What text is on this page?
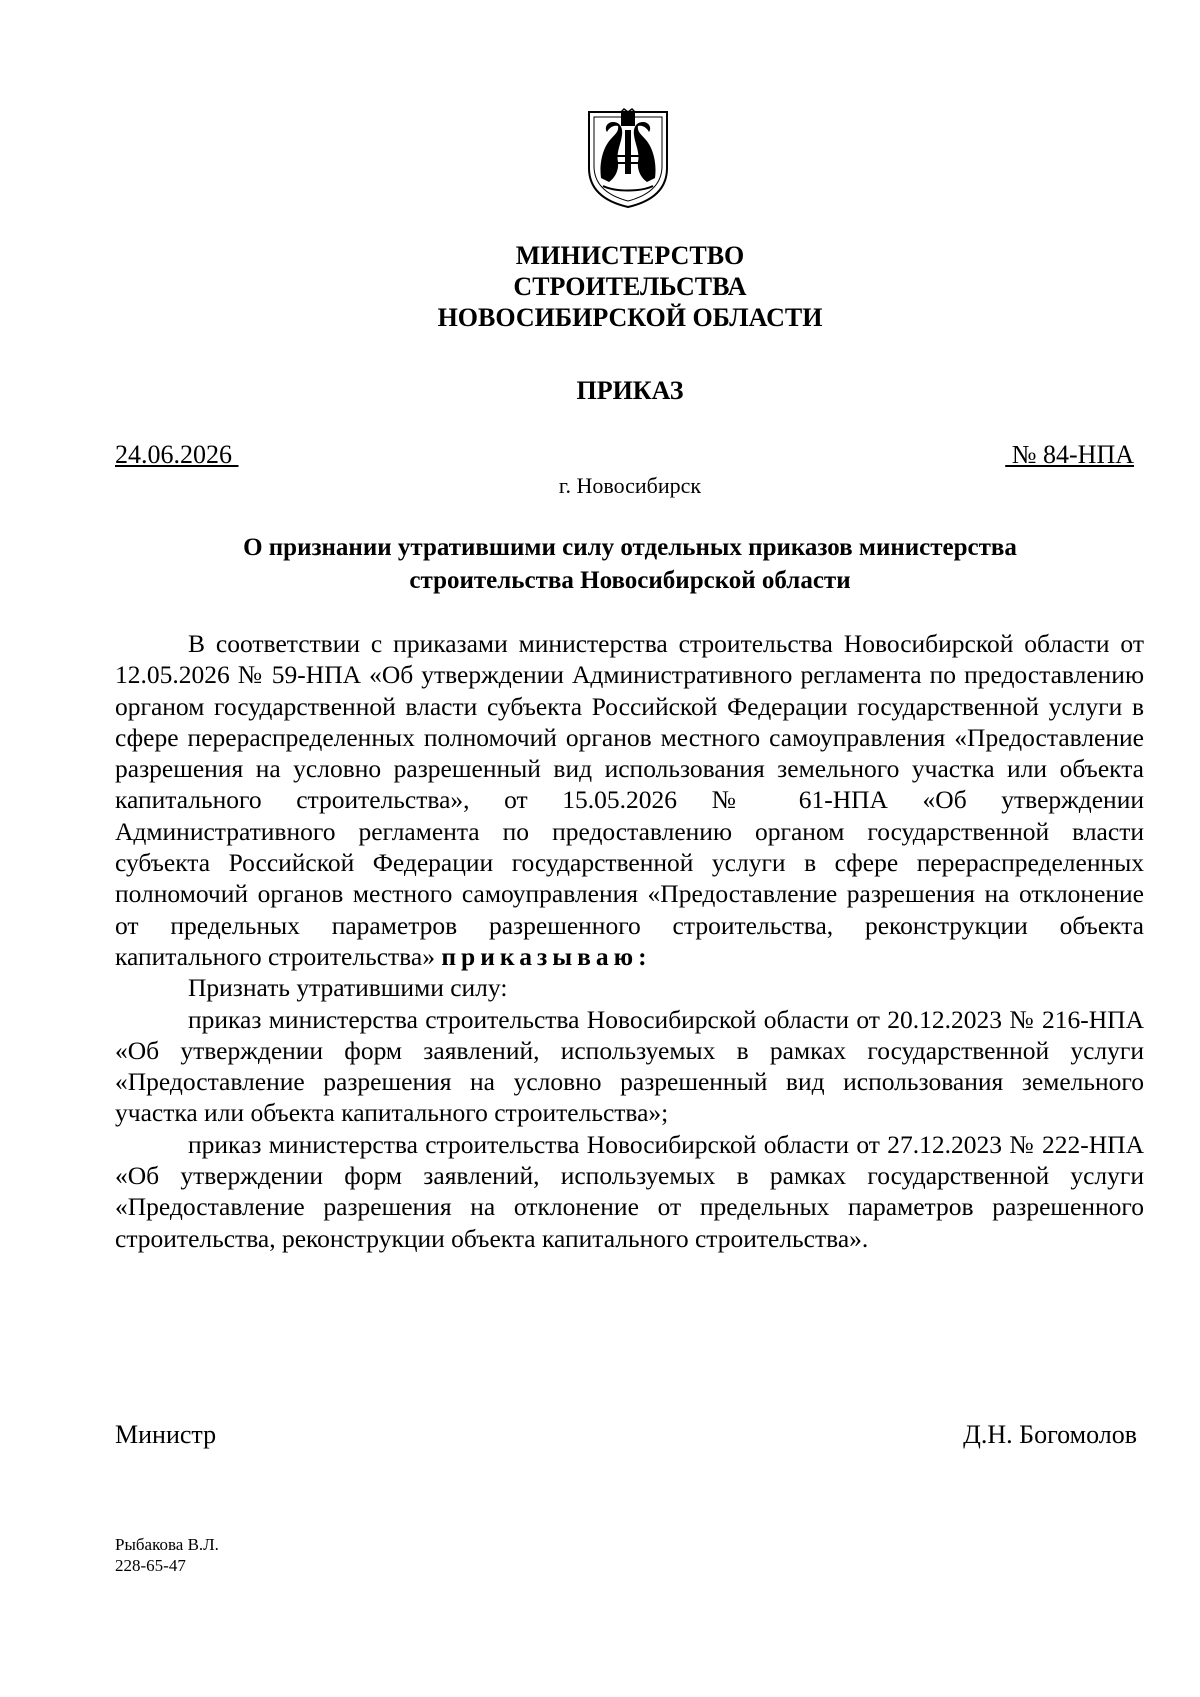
МИНИСТЕРСТВО
СТРОИТЕЛЬСТВА
НОВОСИБИРСКОЙ ОБЛАСТИ
ПРИКАЗ
24.06.2026	№ 84-НПА
г. Новосибирск
О признании утратившими силу отдельных приказов министерства
строительства Новосибирской области

В соответствии с приказами министерства строительства Новосибирской области от 12.05.2026 № 59-НПА «Об утверждении Административного регламента по предоставлению органом государственной власти субъекта Российской Федерации государственной услуги в сфере перераспределенных полномочий органов местного самоуправления «Предоставление разрешения на условно разрешенный вид использования земельного участка или объекта капитального строительства», от 15.05.2026 № 61-НПА «Об утверждении Административного регламента по предоставлению органом государственной власти субъекта Российской Федерации государственной услуги в сфере перераспределенных полномочий органов местного самоуправления «Предоставление разрешения на отклонение от предельных параметров разрешенного строительства, реконструкции объекта капитального строительства» приказываю:

Признать утратившими силу:

приказ министерства строительства Новосибирской области от 20.12.2023 № 216-НПА «Об утверждении форм заявлений, используемых в рамках государственной услуги «Предоставление разрешения на условно разрешенный вид использования земельного участка или объекта капитального строительства»;

приказ министерства строительства Новосибирской области от 27.12.2023 № 222-НПА «Об утверждении форм заявлений, используемых в рамках государственной услуги «Предоставление разрешения на отклонение от предельных параметров разрешенного строительства, реконструкции объекта капитального строительства».

Министр	Д.Н. Богомолов
Рыбакова В.Л.
228-65-47
